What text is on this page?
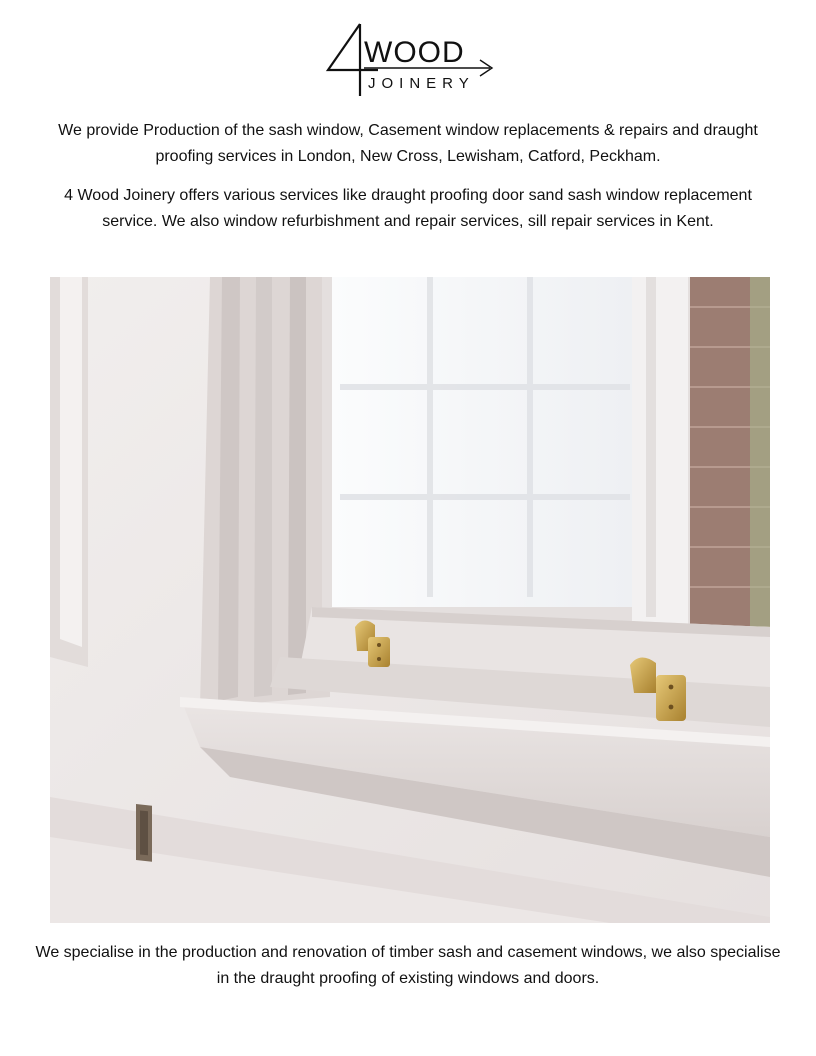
WOOD
JOINERY

We provide Production of the sash window, Casement window replacements & repairs and draught proofing services in London, New Cross, Lewisham, Catford, Peckham.

4 Wood Joinery offers various services like draught proofing door sand sash window replacement service. We also window refurbishment and repair services, sill repair services in Kent.

We specialise in the production and renovation of timber sash and casement windows, we also specialise in the draught proofing of existing windows and doors.
